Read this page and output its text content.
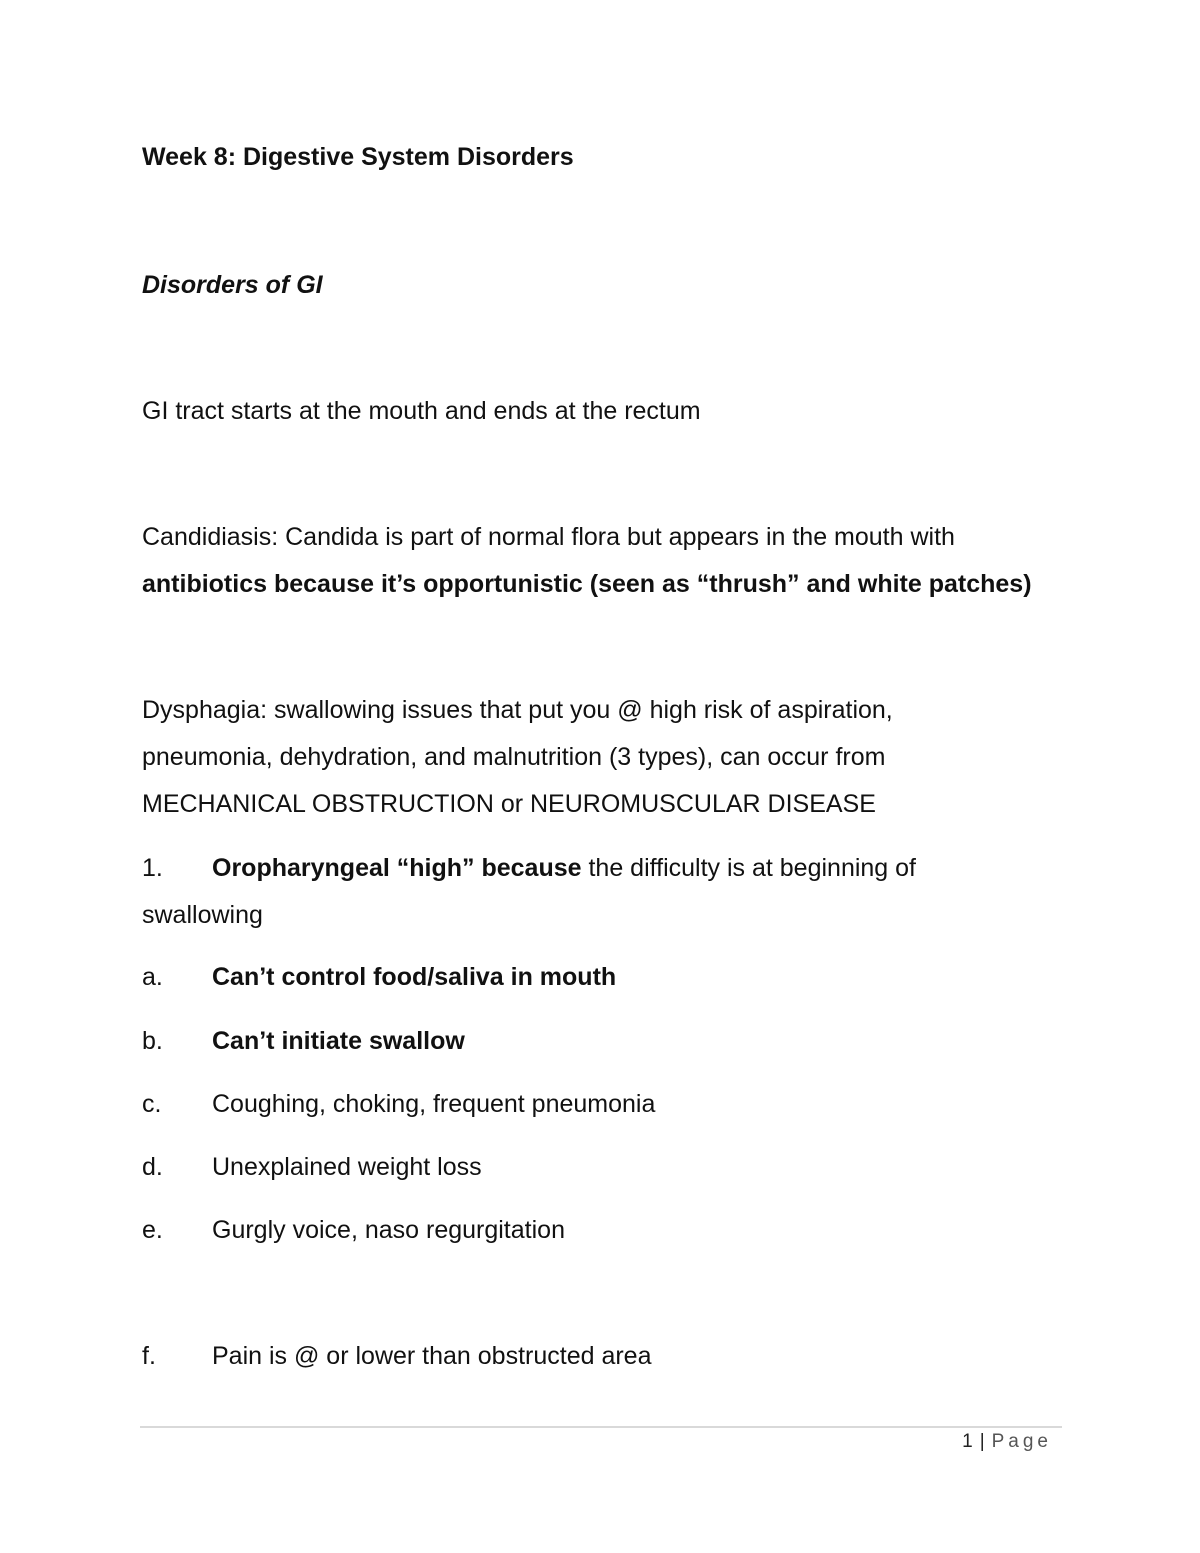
Week 8: Digestive System Disorders

Disorders of GI

GI tract starts at the mouth and ends at the rectum

Candidiasis: Candida is part of normal flora but appears in the mouth with

antibiotics because it’s opportunistic (seen as “thrush” and white patches)

Dysphagia: swallowing issues that put you @ high risk of aspiration,

pneumonia, dehydration, and malnutrition (3 types), can occur from

MECHANICAL OBSTRUCTION or NEUROMUSCULAR DISEASE

1. Oropharyngeal “high” because the difficulty is at beginning of

swallowing

a. Can’t control food/saliva in mouth

b. Can’t initiate swallow

c. Coughing, choking, frequent pneumonia

d. Unexplained weight loss

e. Gurgly voice, naso regurgitation

f. Pain is @ or lower than obstructed area

1 | Page
